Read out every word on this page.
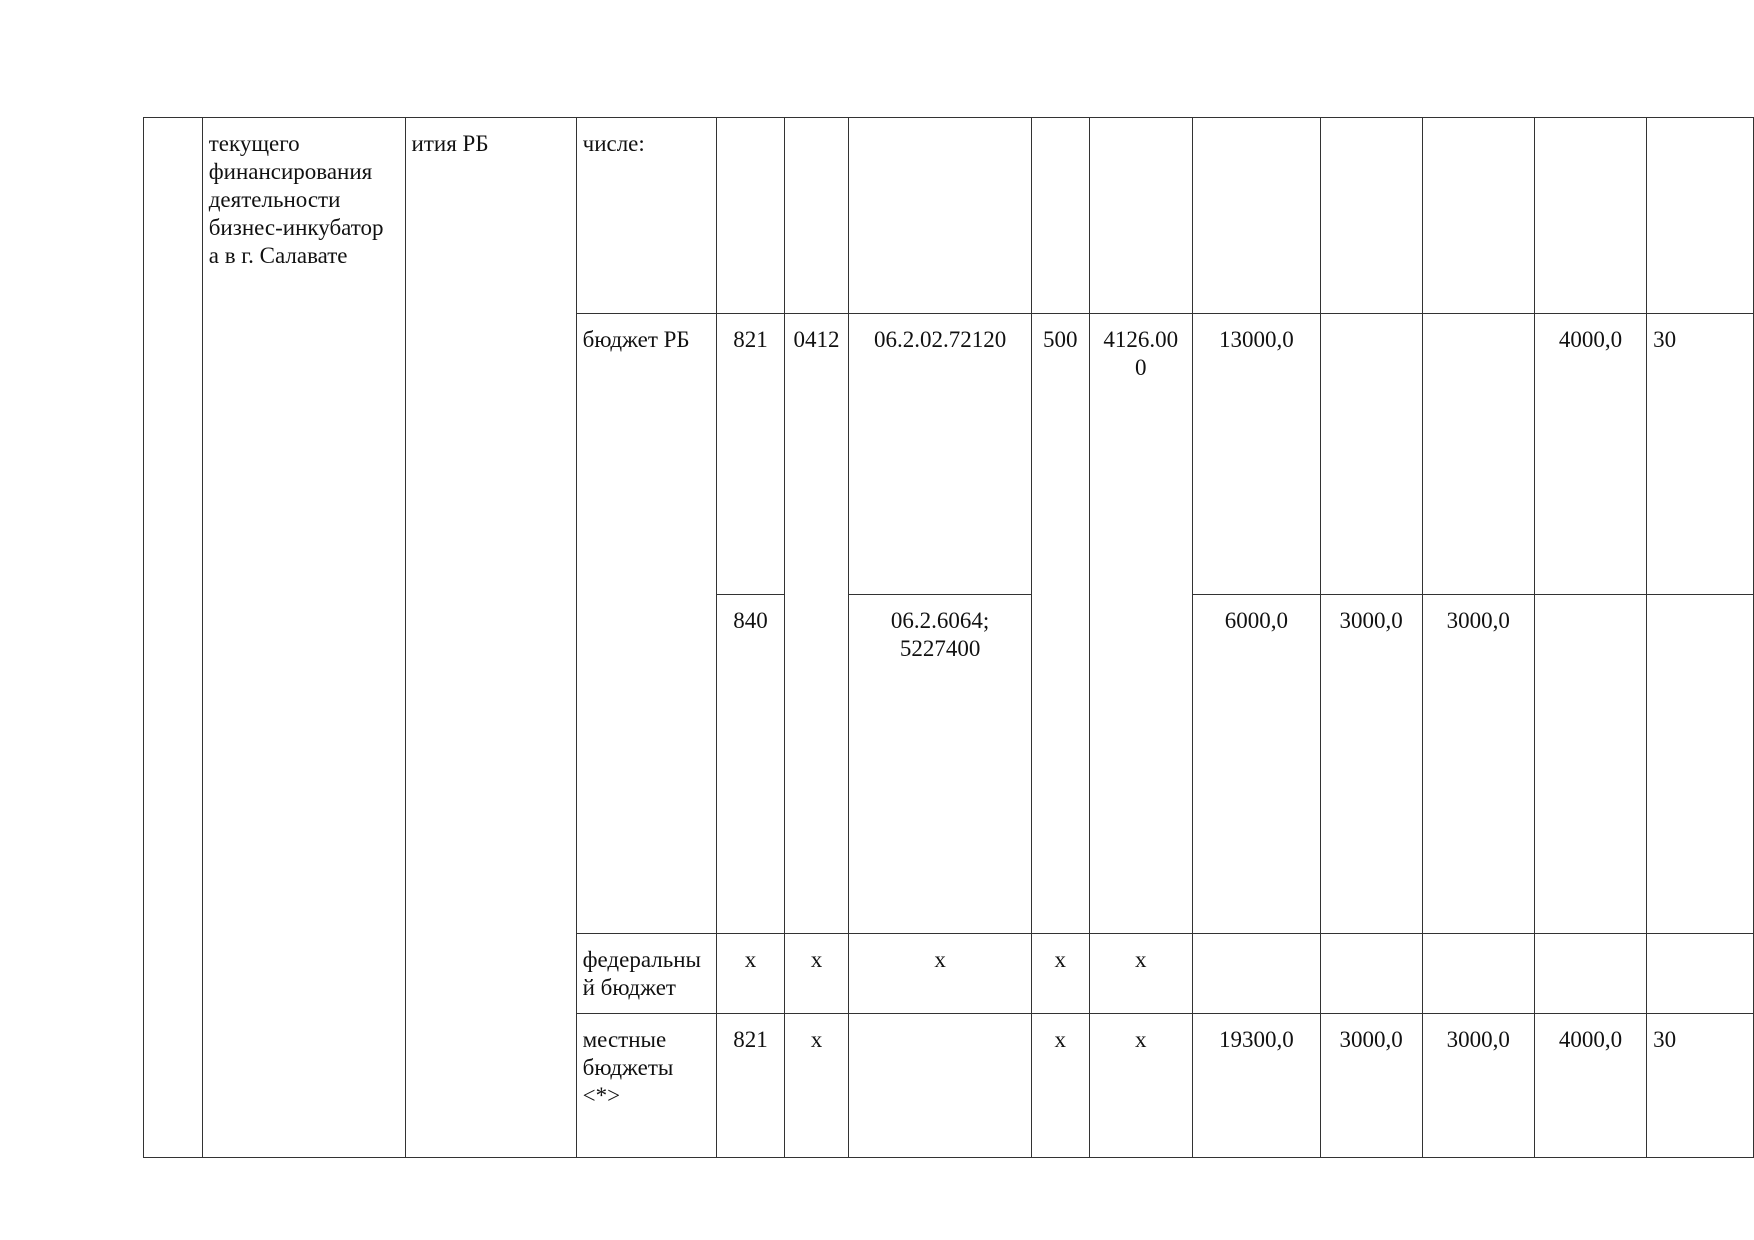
	текущего финансирования деятельности бизнес-инкубатор а в г. Салавате	ития РБ	числе:										
			бюджет РБ	821	0412	06.2.02.72120	500	4126.00 0	13000,0			4000,0	30
				840		06.2.6064; 5227400			6000,0	3000,0	3000,0		
			федеральны й бюджет	х	х	х	х	х					
			местные бюджеты <*>	821	х		х	х	19300,0	3000,0	3000,0	4000,0	30
